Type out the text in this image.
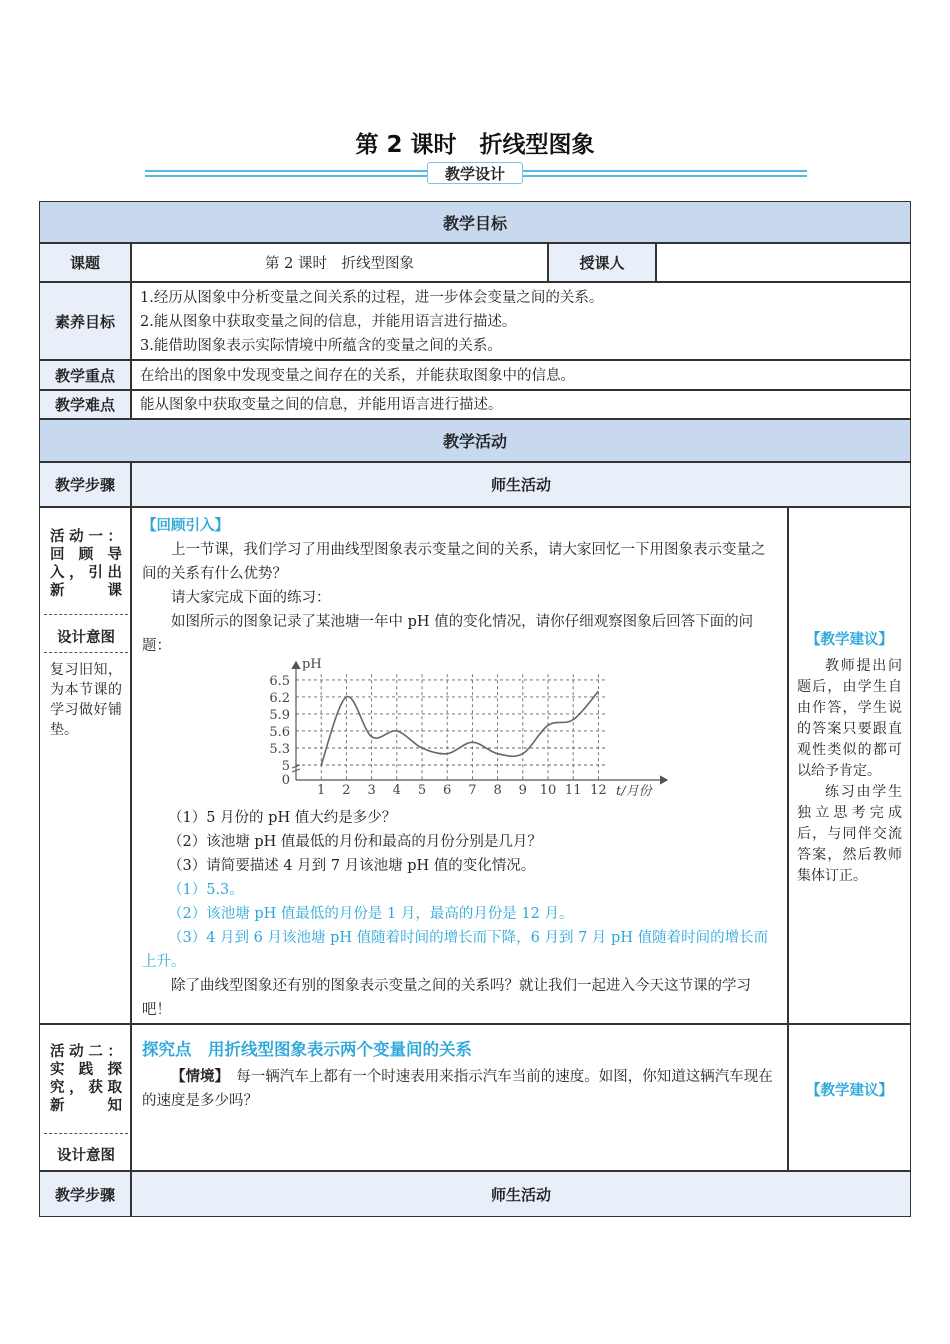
第 2 课时　折线型图象
教学设计
教学目标
课题	第 2 课时　折线型图象	授课人
素养目标

1.经历从图象中分析变量之间关系的过程，进一步体会变量之间的关系。

2.能从图象中获取变量之间的信息，并能用语言进行描述。

3.能借助图象表示实际情境中所蕴含的变量之间的关系。

教学重点	在给出的图象中发现变量之间存在的关系，并能获取图象中的信息。
教学难点	能从图象中获取变量之间的信息，并能用语言进行描述。
教学活动
教学步骤	师生活动
活动一：回顾导入，引出新课
设计意图
复习旧知，为本节课的学习做好铺垫。

【回顾引入】

上一节课，我们学习了用曲线型图象表示变量之间的关系，请大家回忆一下用图象表示变量之间的关系有什么优势？

请大家完成下面的练习：

如图所示的图象记录了某池塘一年中 pH 值的变化情况，请你仔细观察图象后回答下面的问题：

pH
t/月份
1 2 3 4 5 6 7 8 9 10 11 12
0
5
5.3
5.6
5.9
6.2
6.5

（1）5 月份的 pH 值大约是多少？

（2）该池塘 pH 值最低的月份和最高的月份分别是几月？

（3）请简要描述 4 月到 7 月该池塘 pH 值的变化情况。

（1）5.3。

（2）该池塘 pH 值最低的月份是 1 月，最高的月份是 12 月。

（3）4 月到 6 月该池塘 pH 值随着时间的增长而下降，6 月到 7 月 pH 值随着时间的增长而上升。

除了曲线型图象还有别的图象表示变量之间的关系吗？就让我们一起进入今天这节课的学习吧！

【教学建议】

教师提出问题后，由学生自由作答，学生说的答案只要跟直观性类似的都可以给予肯定。

练习由学生独立思考完成后，与同伴交流答案，然后教师集体订正。

活动二：实践探究，获取新知
设计意图
探究点　用折线型图象表示两个变量间的关系

【情境】　 每一辆汽车上都有一个时速表用来指示汽车当前的速度。如图，你知道这辆汽车现在的速度是多少吗？

【教学建议】
教学步骤	师生活动
